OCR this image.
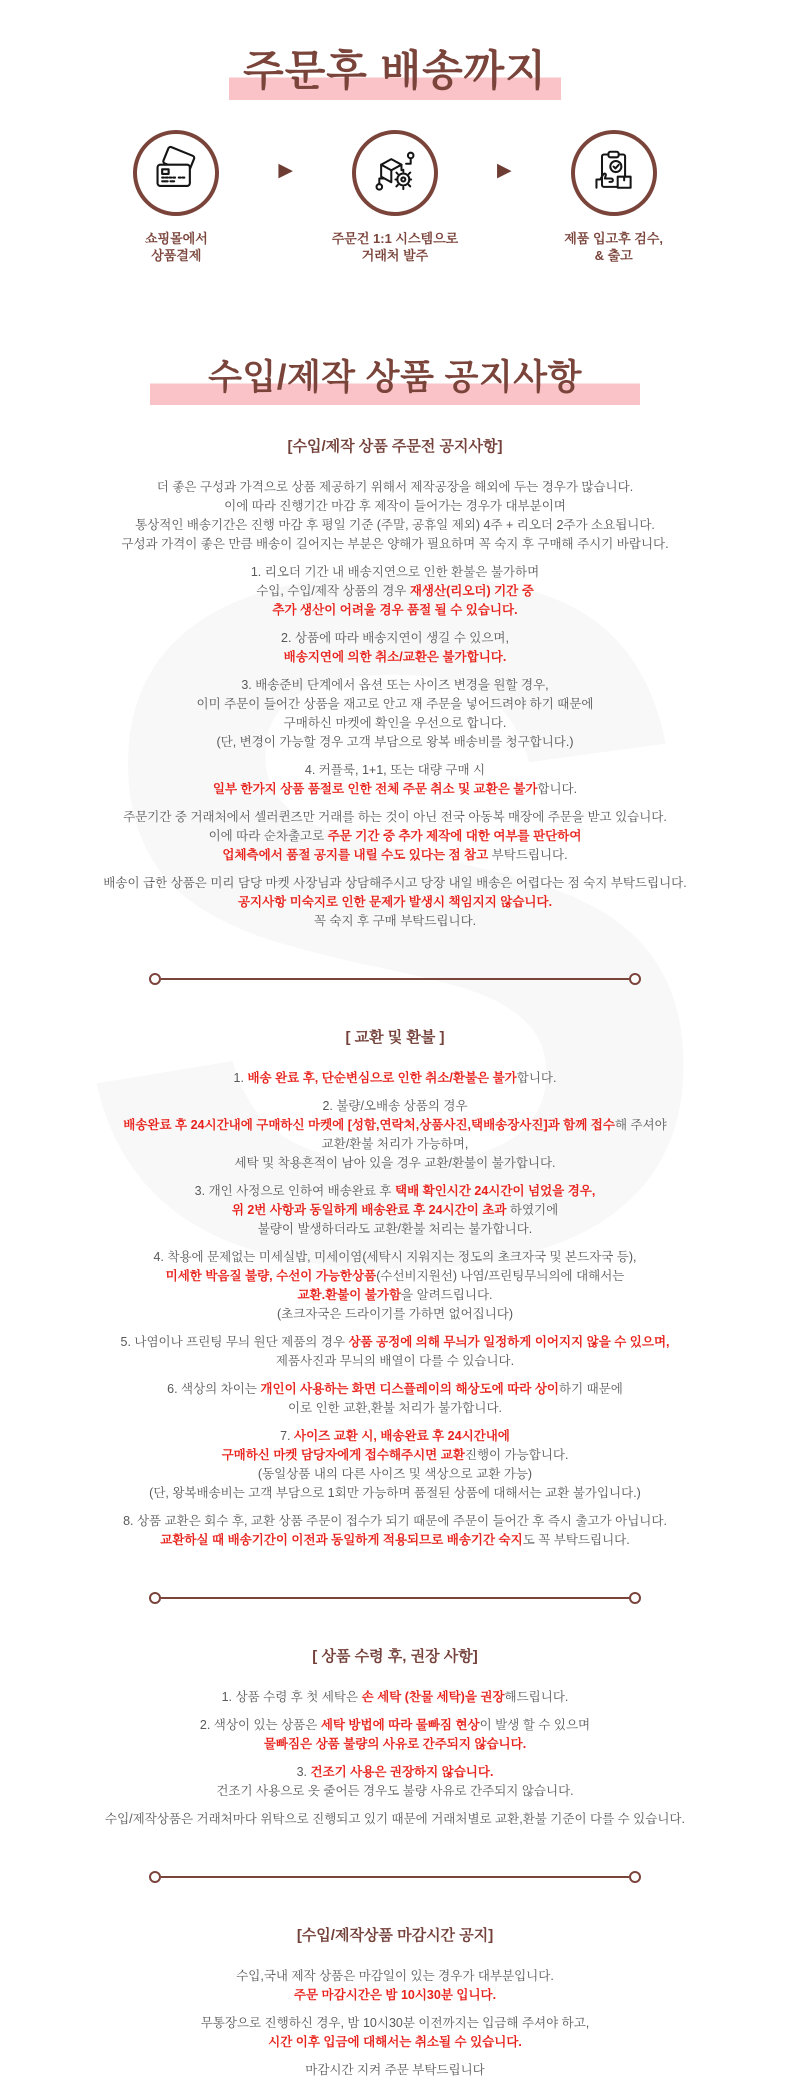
주문후 배송까지
쇼핑몰에서
상품결제
▶
주문건 1:1 시스템으로
거래처 발주
▶
제품 입고후 검수,
& 출고
수입/제작 상품 공지사항
[수입/제작 상품 주문전 공지사항]
더 좋은 구성과 가격으로 상품 제공하기 위해서 제작공장을 해외에 두는 경우가 많습니다.
이에 따라 진행기간 마감 후 제작이 들어가는 경우가 대부분이며
통상적인 배송기간은 진행 마감 후 평일 기준 (주말, 공휴일 제외) 4주 + 리오더 2주가 소요됩니다.
구성과 가격이 좋은 만큼 배송이 길어지는 부분은 양해가 필요하며 꼭 숙지 후 구매해 주시기 바랍니다.
1. 리오더 기간 내 배송지연으로 인한 환불은 불가하며
수입, 수입/제작 상품의 경우 재생산(리오더) 기간 중
추가 생산이 어려울 경우 품절 될 수 있습니다.
2. 상품에 따라 배송지연이 생길 수 있으며,
배송지연에 의한 취소/교환은 불가합니다.
3. 배송준비 단계에서 옵션 또는 사이즈 변경을 원할 경우,
이미 주문이 들어간 상품을 재고로 안고 재 주문을 넣어드려야 하기 때문에
구매하신 마켓에 확인을 우선으로 합니다.
(단, 변경이 가능할 경우 고객 부담으로 왕복 배송비를 청구합니다.)
4. 커플룩, 1+1, 또는 대량 구매 시
일부 한가지 상품 품절로 인한 전체 주문 취소 및 교환은 불가합니다.
주문기간 중 거래처에서 셀러퀸즈만 거래를 하는 것이 아닌 전국 아동복 매장에 주문을 받고 있습니다.
이에 따라 순차출고로 주문 기간 중 추가 제작에 대한 여부를 판단하여
업체측에서 품절 공지를 내릴 수도 있다는 점 참고 부탁드립니다.
배송이 급한 상품은 미리 담당 마켓 사장님과 상담해주시고 당장 내일 배송은 어렵다는 점 숙지 부탁드립니다.
공지사항 미숙지로 인한 문제가 발생시 책임지지 않습니다.
꼭 숙지 후 구매 부탁드립니다.
[ 교환 및 환불 ]
1. 배송 완료 후, 단순변심으로 인한 취소/환불은 불가합니다.
2. 불량/오배송 상품의 경우
배송완료 후 24시간내에 구매하신 마켓에 [성함,연락처,상품사진,택배송장사진]과 함께 접수해 주셔야
교환/환불 처리가 가능하며,
세탁 및 착용흔적이 남아 있을 경우 교환/환불이 불가합니다.
3. 개인 사정으로 인하여 배송완료 후 택배 확인시간 24시간이 넘었을 경우,
위 2번 사항과 동일하게 배송완료 후 24시간이 초과 하였기에
불량이 발생하더라도 교환/환불 처리는 불가합니다.
4. 착용에 문제없는 미세실밥, 미세이염(세탁시 지워지는 정도의 초크자국 및 본드자국 등),
미세한 박음질 불량, 수선이 가능한상품(수선비지원선) 나염/프린팅무늬의에 대해서는
교환.환불이 불가함을 알려드립니다.
(초크자국은 드라이기를 가하면 없어집니다)
5. 나염이나 프린팅 무늬 원단 제품의 경우 상품 공정에 의해 무늬가 일정하게 이어지지 않을 수 있으며,
제품사진과 무늬의 배열이 다를 수 있습니다.
6. 색상의 차이는 개인이 사용하는 화면 디스플레이의 해상도에 따라 상이하기 때문에
이로 인한 교환,환불 처리가 불가합니다.
7. 사이즈 교환 시, 배송완료 후 24시간내에
구매하신 마켓 담당자에게 접수해주시면 교환진행이 가능합니다.
(동일상품 내의 다른 사이즈 및 색상으로 교환 가능)
(단, 왕복배송비는 고객 부담으로 1회만 가능하며 품절된 상품에 대해서는 교환 불가입니다.)
8. 상품 교환은 회수 후, 교환 상품 주문이 접수가 되기 때문에 주문이 들어간 후 즉시 출고가 아닙니다.
교환하실 때 배송기간이 이전과 동일하게 적용되므로 배송기간 숙지도 꼭 부탁드립니다.
[ 상품 수령 후, 권장 사항]
1. 상품 수령 후 첫 세탁은 손 세탁 (찬물 세탁)을 권장해드립니다.
2. 색상이 있는 상품은 세탁 방법에 따라 물빠짐 현상이 발생 할 수 있으며
물빠짐은 상품 불량의 사유로 간주되지 않습니다.
3. 건조기 사용은 권장하지 않습니다.
건조기 사용으로 옷 줄어든 경우도 불량 사유로 간주되지 않습니다.
수입/제작상품은 거래처마다 위탁으로 진행되고 있기 때문에 거래처별로 교환,환불 기준이 다를 수 있습니다.
[수입/제작상품 마감시간 공지]
수입,국내 제작 상품은 마감일이 있는 경우가 대부분입니다.
주문 마감시간은 밤 10시30분 입니다.
무통장으로 진행하신 경우, 밤 10시30분 이전까지는 입금해 주셔야 하고,
시간 이후 입금에 대해서는 취소될 수 있습니다.
마감시간 지켜 주문 부탁드립니다
